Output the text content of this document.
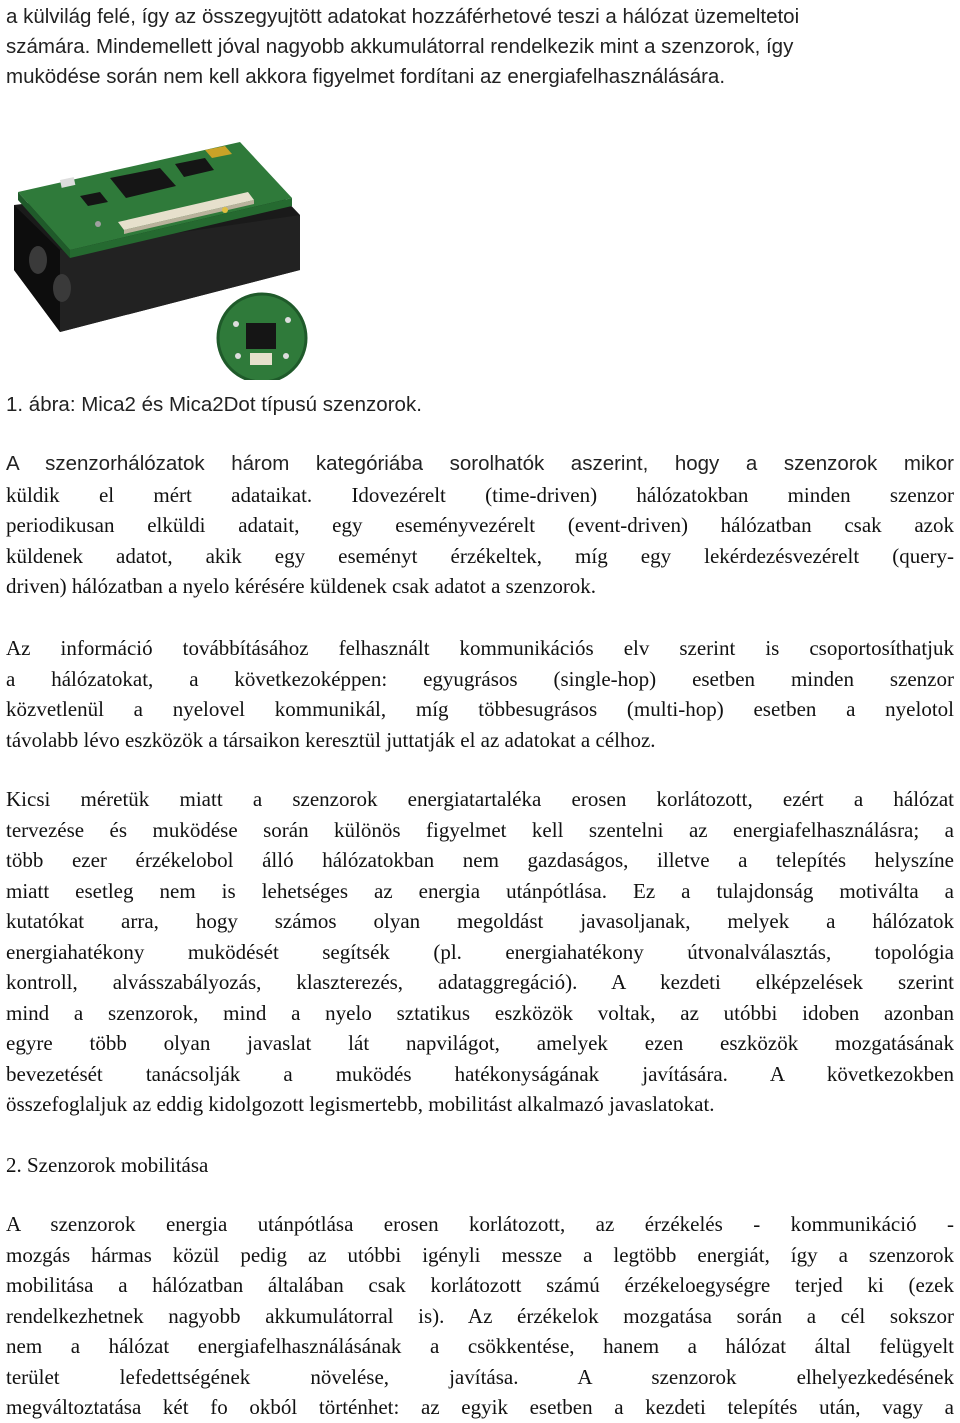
a külvilág felé, így az összegyujtött adatokat hozzáférhetové teszi a hálózat üzemeltetoi
számára. Mindemellett jóval nagyobb akkumulátorral rendelkezik mint a szenzorok, így
muködése során nem kell akkora figyelmet fordítani az energiafelhasználására.
1. ábra: Mica2 és Mica2Dot típusú szenzorok.
A szenzorhálózatok három kategóriába sorolhatók aszerint, hogy a szenzorok mikor
küldik el mért adataikat. Idovezérelt (time-driven) hálózatokban minden szenzor
periodikusan elküldi adatait, egy eseményvezérelt (event-driven) hálózatban csak azok
küldenek adatot, akik egy eseményt érzékeltek, míg egy lekérdezésvezérelt (query-
driven) hálózatban a nyelo kérésére küldenek csak adatot a szenzorok.
Az információ továbbításához felhasznált kommunikációs elv szerint is csoportosíthatjuk
a hálózatokat, a következoképpen: egyugrásos (single-hop) esetben minden szenzor
közvetlenül a nyelovel kommunikál, míg többesugrásos (multi-hop) esetben a nyelotol
távolabb lévo eszközök a társaikon keresztül juttatják el az adatokat a célhoz.
Kicsi méretük miatt a szenzorok energiatartaléka erosen korlátozott, ezért a hálózat
tervezése és muködése során különös figyelmet kell szentelni az energiafelhasználásra; a
több ezer érzékelobol álló hálózatokban nem gazdaságos, illetve a telepítés helyszíne
miatt esetleg nem is lehetséges az energia utánpótlása. Ez a tulajdonság motiválta a
kutatókat arra, hogy számos olyan megoldást javasoljanak, melyek a hálózatok
energiahatékony muködését segítsék (pl. energiahatékony útvonalválasztás, topológia
kontroll, alvásszabályozás, klaszterezés, adataggregáció). A kezdeti elképzelések szerint
mind a szenzorok, mind a nyelo sztatikus eszközök voltak, az utóbbi idoben azonban
egyre több olyan javaslat lát napvilágot, amelyek ezen eszközök mozgatásának
bevezetését tanácsolják a muködés hatékonyságának javítására. A következokben
összefoglaljuk az eddig kidolgozott legismertebb, mobilitást alkalmazó javaslatokat.
2. Szenzorok mobilitása
A szenzorok energia utánpótlása erosen korlátozott, az érzékelés - kommunikáció -
mozgás hármas közül pedig az utóbbi igényli messze a legtöbb energiát, így a szenzorok
mobilitása a hálózatban általában csak korlátozott számú érzékeloegységre terjed ki (ezek
rendelkezhetnek nagyobb akkumulátorral is). Az érzékelok mozgatása során a cél sokszor
nem a hálózat energiafelhasználásának a csökkentése, hanem a hálózat által felügyelt
terület lefedettségének növelése, javítása. A szenzorok elhelyezkedésének
megváltoztatása két fo okból történhet: az egyik esetben a kezdeti telepítés után, vagy a
